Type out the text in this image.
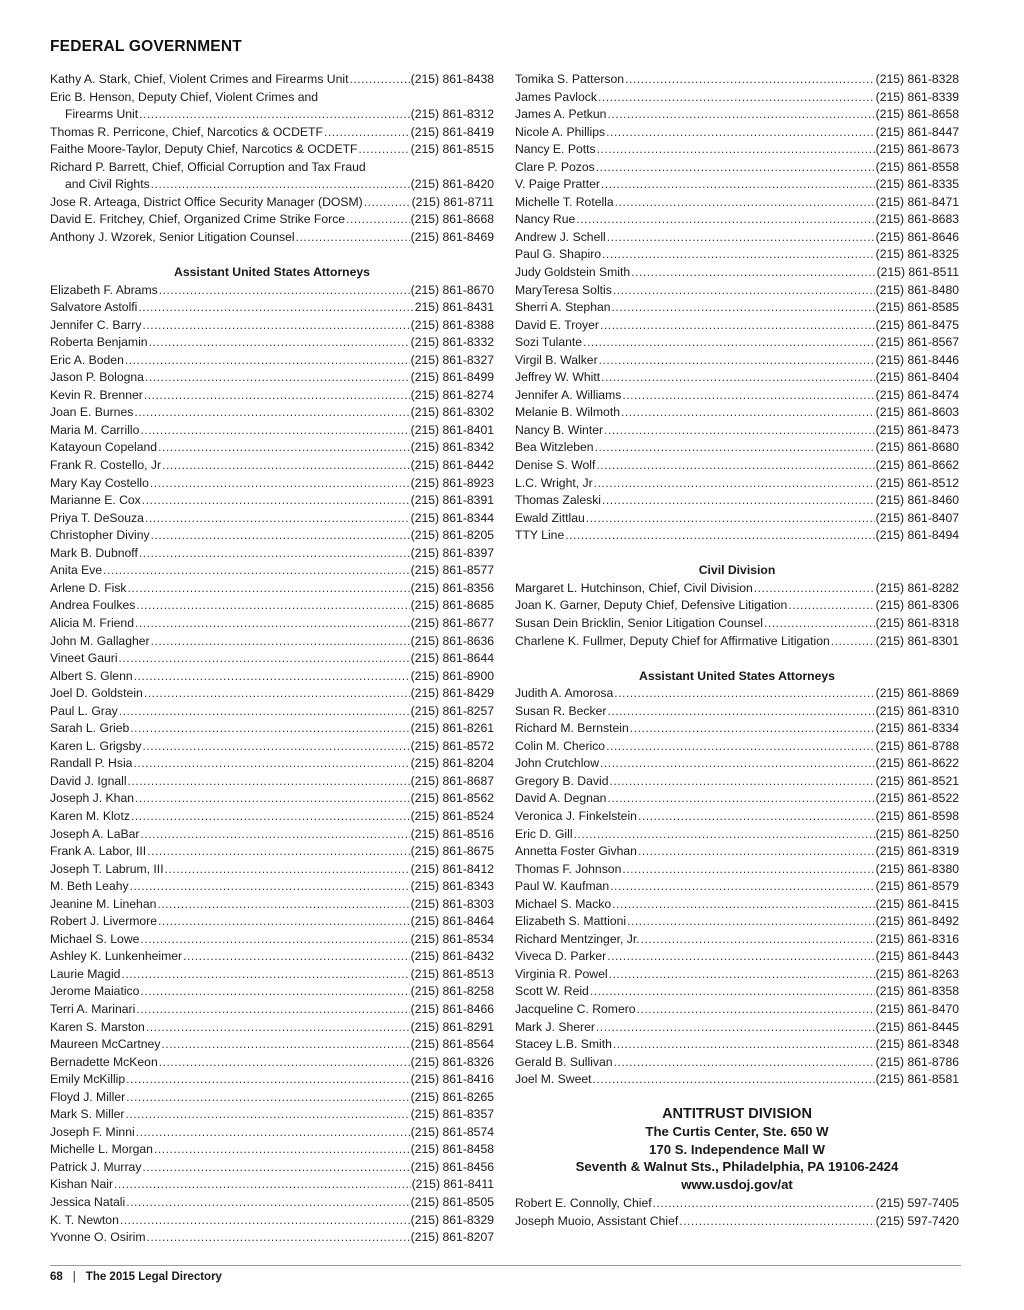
FEDERAL GOVERNMENT
Kathy A. Stark, Chief, Violent Crimes and Firearms Unit .....	(215) 861-8438
Eric B. Henson, Deputy Chief, Violent Crimes and
Firearms Unit .....	(215) 861-8312
Thomas R. Perricone, Chief, Narcotics & OCDETF .....	(215) 861-8419
Faithe Moore-Taylor, Deputy Chief, Narcotics & OCDETF .....	(215) 861-8515
Richard P. Barrett, Chief, Official Corruption and Tax Fraud
and Civil Rights .....	(215) 861-8420
Jose R. Arteaga, District Office Security Manager (DOSM) .....	(215) 861-8711
David E. Fritchey, Chief, Organized Crime Strike Force .....	(215) 861-8668
Anthony J. Wzorek, Senior Litigation Counsel .....	(215) 861-8469
Assistant United States Attorneys
Elizabeth F. Abrams .....	(215) 861-8670
Salvatore Astolfi .....	215) 861-8431
Jennifer C. Barry .....	(215) 861-8388
Roberta Benjamin .....	(215) 861-8332
Eric A. Boden .....	(215) 861-8327
Jason P. Bologna .....	(215) 861-8499
Kevin R. Brenner .....	(215) 861-8274
Joan E. Burnes .....	(215) 861-8302
Maria M. Carrillo .....	(215) 861-8401
Katayoun Copeland .....	(215) 861-8342
Frank R. Costello, Jr .....	(215) 861-8442
Mary Kay Costello .....	(215) 861-8923
Marianne E. Cox .....	(215) 861-8391
Priya T. DeSouza .....	(215) 861-8344
Christopher Diviny .....	(215) 861-8205
Mark B. Dubnoff .....	(215) 861-8397
Anita Eve .....	(215) 861-8577
Arlene D. Fisk .....	(215) 861-8356
Andrea Foulkes .....	(215) 861-8685
Alicia M. Friend .....	(215) 861-8677
John M. Gallagher .....	(215) 861-8636
Vineet Gauri .....	(215) 861-8644
Albert S. Glenn .....	(215) 861-8900
Joel D. Goldstein .....	(215) 861-8429
Paul L. Gray .....	(215) 861-8257
Sarah L. Grieb .....	(215) 861-8261
Karen L. Grigsby .....	(215) 861-8572
Randall P. Hsia .....	(215) 861-8204
David J. Ignall .....	(215) 861-8687
Joseph J. Khan .....	(215) 861-8562
Karen M. Klotz .....	(215) 861-8524
Joseph A. LaBar .....	(215) 861-8516
Frank A. Labor, III .....	(215) 861-8675
Joseph T. Labrum, III .....	(215) 861-8412
M. Beth Leahy .....	(215) 861-8343
Jeanine M. Linehan .....	(215) 861-8303
Robert J. Livermore .....	(215) 861-8464
Michael S. Lowe .....	(215) 861-8534
Ashley K. Lunkenheimer .....	(215) 861-8432
Laurie Magid .....	(215) 861-8513
Jerome Maiatico .....	(215) 861-8258
Terri A. Marinari .....	(215) 861-8466
Karen S. Marston .....	(215) 861-8291
Maureen McCartney .....	(215) 861-8564
Bernadette McKeon .....	(215) 861-8326
Emily McKillip .....	(215) 861-8416
Floyd J. Miller .....	(215) 861-8265
Mark S. Miller .....	(215) 861-8357
Joseph F. Minni .....	(215) 861-8574
Michelle L. Morgan .....	(215) 861-8458
Patrick J. Murray .....	(215) 861-8456
Kishan Nair .....	(215) 861-8411
Jessica Natali .....	(215) 861-8505
K. T. Newton .....	(215) 861-8329
Yvonne O. Osirim .....	(215) 861-8207
Tomika S. Patterson .....	(215) 861-8328
James Pavlock .....	(215) 861-8339
James A. Petkun .....	(215) 861-8658
Nicole A. Phillips .....	(215) 861-8447
Nancy E. Potts .....	(215) 861-8673
Clare P. Pozos .....	(215) 861-8558
V. Paige Pratter .....	(215) 861-8335
Michelle T. Rotella .....	(215) 861-8471
Nancy Rue .....	(215) 861-8683
Andrew J. Schell .....	(215) 861-8646
Paul G. Shapiro .....	(215) 861-8325
Judy Goldstein Smith .....	(215) 861-8511
MaryTeresa Soltis .....	(215) 861-8480
Sherri A. Stephan .....	(215) 861-8585
David E. Troyer .....	(215) 861-8475
Sozi Tulante .....	(215) 861-8567
Virgil B. Walker .....	(215) 861-8446
Jeffrey W. Whitt .....	(215) 861-8404
Jennifer A. Williams .....	(215) 861-8474
Melanie B. Wilmoth .....	(215) 861-8603
Nancy B. Winter .....	(215) 861-8473
Bea Witzleben .....	(215) 861-8680
Denise S. Wolf .....	(215) 861-8662
L.C. Wright, Jr .....	(215) 861-8512
Thomas Zaleski .....	(215) 861-8460
Ewald Zittlau .....	(215) 861-8407
TTY Line .....	(215) 861-8494
Civil Division
Margaret L. Hutchinson, Chief, Civil Division .....	(215) 861-8282
Joan K. Garner, Deputy Chief, Defensive Litigation .....	(215) 861-8306
Susan Dein Bricklin, Senior Litigation Counsel .....	(215) 861-8318
Charlene K. Fullmer, Deputy Chief for Affirmative Litigation .....	(215) 861-8301
Assistant United States Attorneys
Judith A. Amorosa .....	(215) 861-8869
Susan R. Becker .....	(215) 861-8310
Richard M. Bernstein .....	(215) 861-8334
Colin M. Cherico .....	(215) 861-8788
John Crutchlow .....	(215) 861-8622
Gregory B. David .....	(215) 861-8521
David A. Degnan .....	(215) 861-8522
Veronica J. Finkelstein .....	(215) 861-8598
Eric D. Gill .....	(215) 861-8250
Annetta Foster Givhan .....	(215) 861-8319
Thomas F. Johnson .....	(215) 861-8380
Paul W. Kaufman .....	(215) 861-8579
Michael S. Macko .....	(215) 861-8415
Elizabeth S. Mattioni .....	(215) 861-8492
Richard Mentzinger, Jr. .....	(215) 861-8316
Viveca D. Parker .....	(215) 861-8443
Virginia R. Powel .....	(215) 861-8263
Scott W. Reid .....	(215) 861-8358
Jacqueline C. Romero .....	(215) 861-8470
Mark J. Sherer .....	(215) 861-8445
Stacey L.B. Smith .....	(215) 861-8348
Gerald B. Sullivan .....	(215) 861-8786
Joel M. Sweet .....	(215) 861-8581
ANTITRUST DIVISION
The Curtis Center, Ste. 650 W
170 S. Independence Mall W
Seventh & Walnut Sts., Philadelphia, PA 19106-2424
www.usdoj.gov/at
Robert E. Connolly, Chief .....	(215) 597-7405
Joseph Muoio, Assistant Chief .....	(215) 597-7420
68 | The 2015 Legal Directory
